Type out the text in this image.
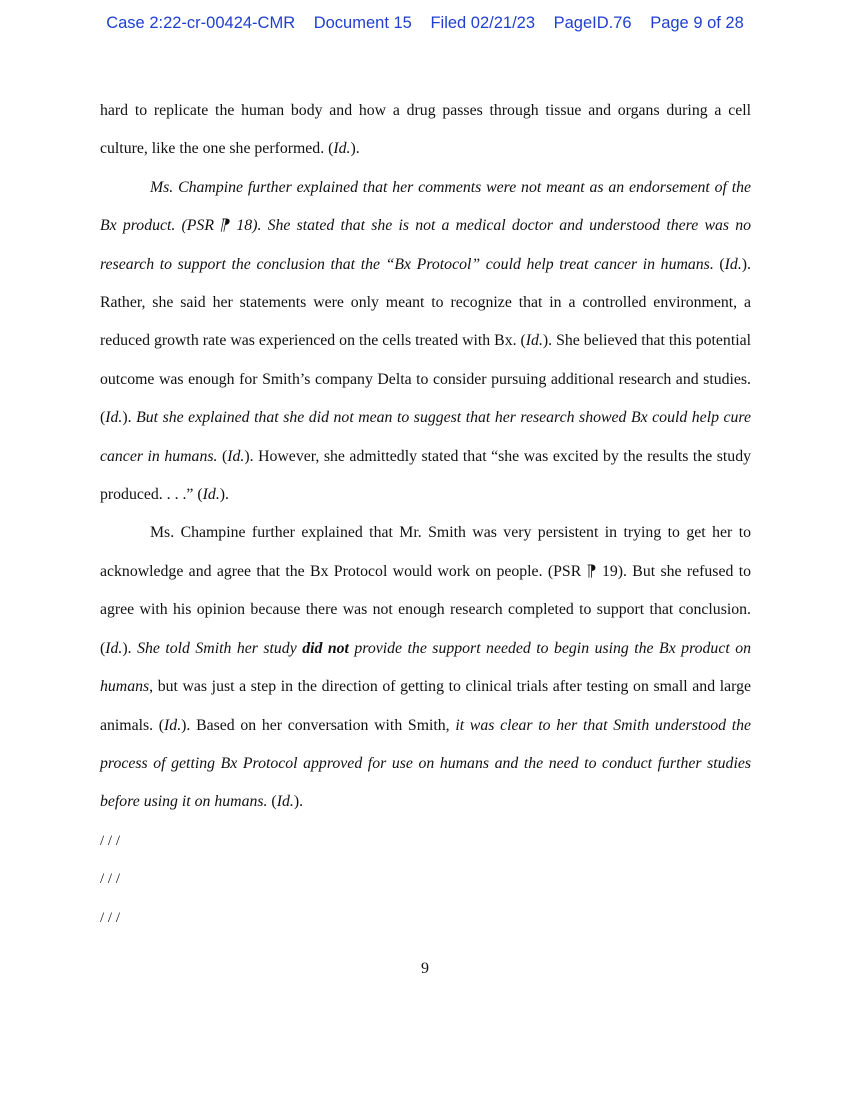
Case 2:22-cr-00424-CMR Document 15 Filed 02/21/23 PageID.76 Page 9 of 28

hard to replicate the human body and how a drug passes through tissue and organs during a cell culture, like the one she performed. (Id.).

Ms. Champine further explained that her comments were not meant as an endorsement of the Bx product. (PSR ⁋ 18). She stated that she is not a medical doctor and understood there was no research to support the conclusion that the “Bx Protocol” could help treat cancer in humans. (Id.). Rather, she said her statements were only meant to recognize that in a controlled environment, a reduced growth rate was experienced on the cells treated with Bx. (Id.). She believed that this potential outcome was enough for Smith’s company Delta to consider pursuing additional research and studies. (Id.). But she explained that she did not mean to suggest that her research showed Bx could help cure cancer in humans. (Id.). However, she admittedly stated that “she was excited by the results the study produced. . . .” (Id.).

Ms. Champine further explained that Mr. Smith was very persistent in trying to get her to acknowledge and agree that the Bx Protocol would work on people. (PSR ⁋ 19). But she refused to agree with his opinion because there was not enough research completed to support that conclusion. (Id.). She told Smith her study did not provide the support needed to begin using the Bx product on humans, but was just a step in the direction of getting to clinical trials after testing on small and large animals. (Id.). Based on her conversation with Smith, it was clear to her that Smith understood the process of getting Bx Protocol approved for use on humans and the need to conduct further studies before using it on humans. (Id.).

/ / /

/ / /

/ / /

9
